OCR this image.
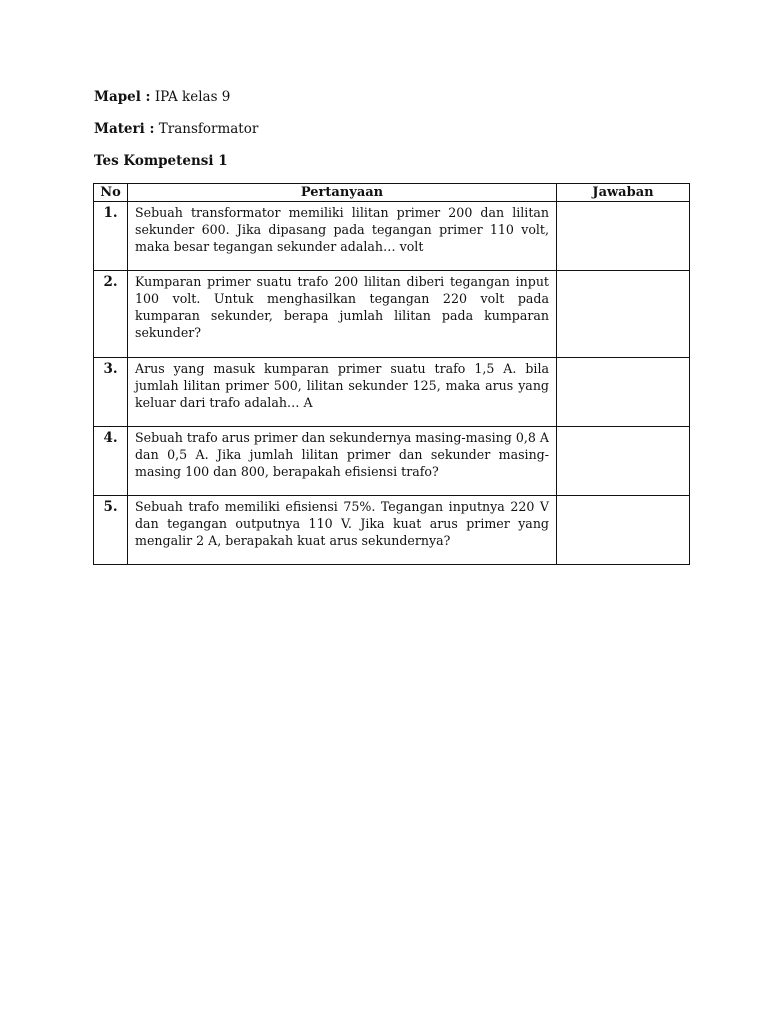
Mapel : IPA kelas 9
Materi : Transformator
Tes Kompetensi 1
No	Pertanyaan	Jawaban
1.	Sebuah transformator memiliki lilitan primer 200 dan lilitan sekunder 600. Jika dipasang pada tegangan primer 110 volt, maka besar tegangan sekunder adalah… volt	
2.	Kumparan primer suatu trafo 200 lilitan diberi tegangan input 100 volt. Untuk menghasilkan tegangan 220 volt pada kumparan sekunder, berapa jumlah lilitan pada kumparan sekunder?	
3.	Arus yang masuk kumparan primer suatu trafo 1,5 A. bila jumlah lilitan primer 500, lilitan sekunder 125, maka arus yang keluar dari trafo adalah… A	
4.	Sebuah trafo arus primer dan sekundernya masing-masing 0,8 A dan 0,5 A. Jika jumlah lilitan primer dan sekunder masing-masing 100 dan 800, berapakah efisiensi trafo?	
5.	Sebuah trafo memiliki efisiensi 75%. Tegangan inputnya 220 V dan tegangan outputnya 110 V. Jika kuat arus primer yang mengalir 2 A, berapakah kuat arus sekundernya?	
